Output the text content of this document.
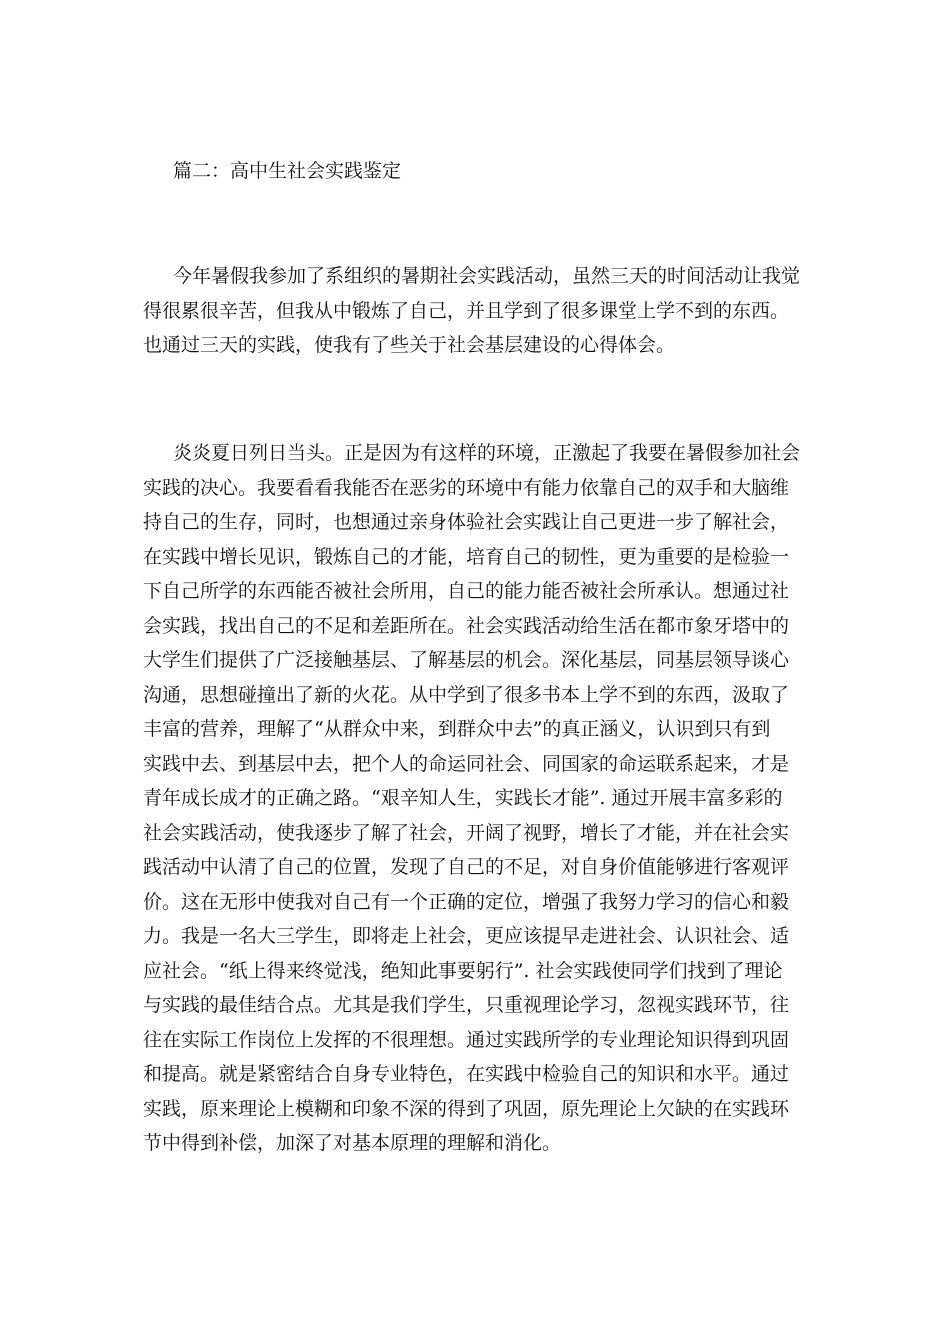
篇二：高中生社会实践鉴定
今年暑假我参加了系组织的暑期社会实践活动，虽然三天的时间活动让我觉
得很累很辛苦，但我从中锻炼了自己，并且学到了很多课堂上学不到的东西。
也通过三天的实践，使我有了些关于社会基层建设的心得体会。
炎炎夏日列日当头。正是因为有这样的环境，正激起了我要在暑假参加社会
实践的决心。我要看看我能否在恶劣的环境中有能力依靠自己的双手和大脑维
持自己的生存，同时，也想通过亲身体验社会实践让自己更进一步了解社会，
在实践中增长见识，锻炼自己的才能，培育自己的韧性，更为重要的是检验一
下自己所学的东西能否被社会所用，自己的能力能否被社会所承认。想通过社
会实践，找出自己的不足和差距所在。社会实践活动给生活在都市象牙塔中的
大学生们提供了广泛接触基层、了解基层的机会。深化基层，同基层领导谈心
沟通，思想碰撞出了新的火花。从中学到了很多书本上学不到的东西，汲取了
丰富的营养，理解了“从群众中来，到群众中去”的真正涵义，认识到只有到
实践中去、到基层中去，把个人的命运同社会、同国家的命运联系起来，才是
青年成长成才的正确之路。“艰辛知人生，实践长才能”. 通过开展丰富多彩的
社会实践活动，使我逐步了解了社会，开阔了视野，增长了才能，并在社会实
践活动中认清了自己的位置，发现了自己的不足，对自身价值能够进行客观评
价。这在无形中使我对自己有一个正确的定位，增强了我努力学习的信心和毅
力。我是一名大三学生，即将走上社会，更应该提早走进社会、认识社会、适
应社会。“纸上得来终觉浅，绝知此事要躬行”. 社会实践使同学们找到了理论
与实践的最佳结合点。尤其是我们学生，只重视理论学习，忽视实践环节，往
往在实际工作岗位上发挥的不很理想。通过实践所学的专业理论知识得到巩固
和提高。就是紧密结合自身专业特色，在实践中检验自己的知识和水平。通过
实践，原来理论上模糊和印象不深的得到了巩固，原先理论上欠缺的在实践环
节中得到补偿，加深了对基本原理的理解和消化。
